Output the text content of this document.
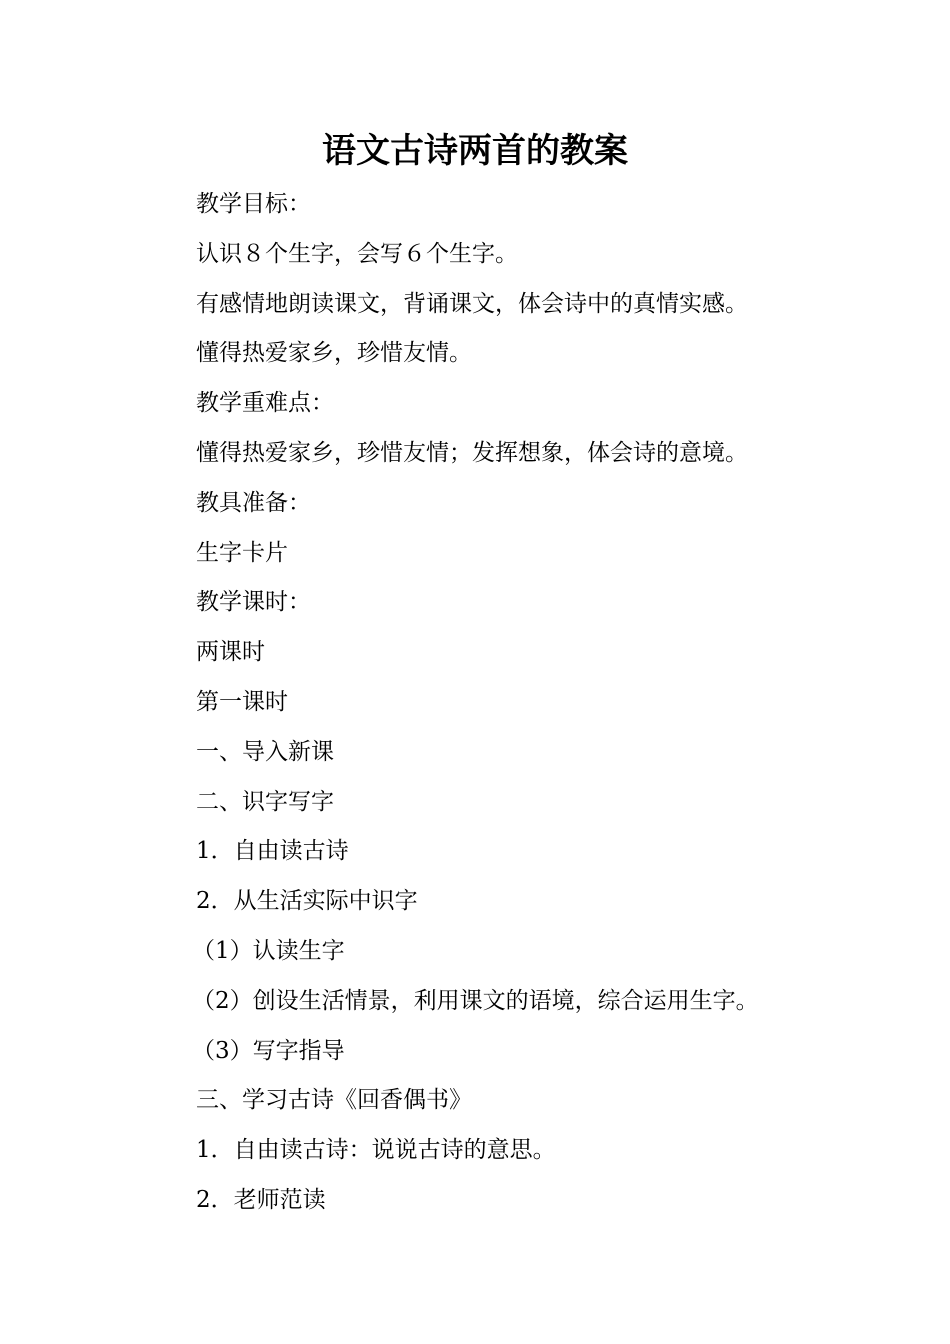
语文古诗两首的教案
教学目标：
认识８个生字，会写６个生字。
有感情地朗读课文，背诵课文，体会诗中的真情实感。
懂得热爱家乡，珍惜友情。
教学重难点：
懂得热爱家乡，珍惜友情；发挥想象，体会诗的意境。
教具准备：
生字卡片
教学课时：
两课时
第一课时
一、导入新课
二、识字写字
1．自由读古诗
2．从生活实际中识字
（1）认读生字
（2）创设生活情景，利用课文的语境，综合运用生字。
（3）写字指导
三、学习古诗《回香偶书》
1．自由读古诗：说说古诗的意思。
2．老师范读
